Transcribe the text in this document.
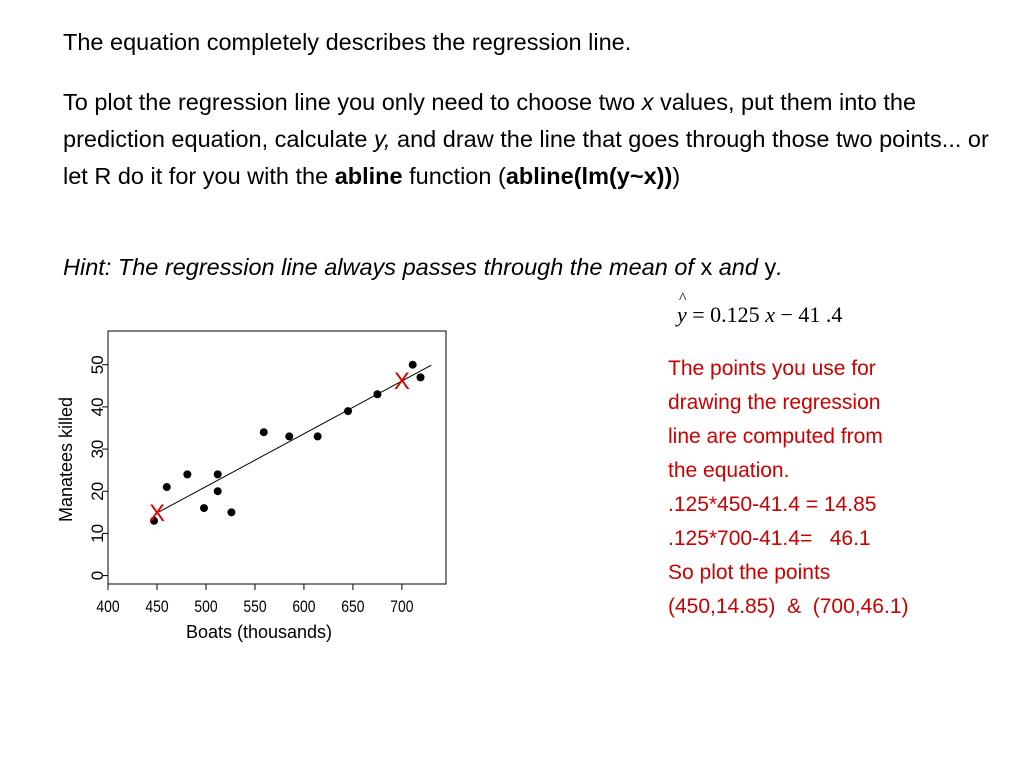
The equation completely describes the regression line.
To plot the regression line you only need to choose two x values, put them into the prediction equation, calculate y, and draw the line that goes through those two points... or let R do it for you with the abline function (abline(lm(y~x)))
Hint: The regression line always passes through the mean of x and y.
^
y = 0.125 x − 41 .4
The points you use for
drawing the regression
line are computed from
the equation.
.125*450-41.4 = 14.85
.125*700-41.4=   46.1
So plot the points
(450,14.85)  &  (700,46.1)
400 450 500 550 600 650 700
0
10
20
30
40
50
Boats (thousands)
Manatees killed	X
X
